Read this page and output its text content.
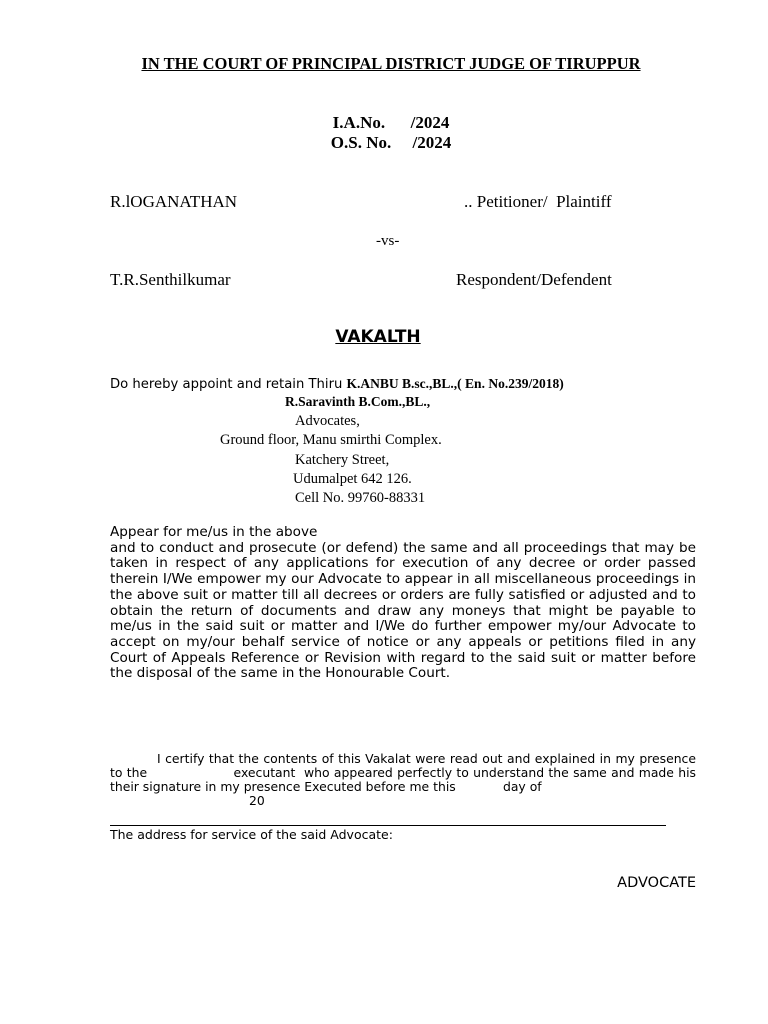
IN THE COURT OF PRINCIPAL DISTRICT JUDGE OF TIRUPPUR
I.A.No.      /2024
O.S. No.     /2024
R.lOGANATHAN	.. Petitioner/  Plaintiff
-vs-
T.R.Senthilkumar	Respondent/Defendent
VAKALTH
Do hereby appoint and retain Thiru K.ANBU B.sc.,BL.,( En. No.239/2018)
R.Saravinth B.Com.,BL.,
Advocates,
Ground floor, Manu smirthi Complex.
Katchery Street,
Udumalpet 642 126.
Cell No. 99760-88331

Appear for me/us in the above

and to conduct and prosecute (or defend) the same and all proceedings that may be taken in respect of any applications for execution of any decree or order passed therein I/We empower my our Advocate to appear in all miscellaneous proceedings in the above suit or matter till all decrees or orders are fully satisfied or adjusted and to obtain the return of documents and draw any moneys that might be payable to me/us in the said suit or matter and I/We do further empower my/our Advocate to accept on my/our behalf service of notice or any appeals or petitions filed in any Court of Appeals Reference or Revision with regard to the said suit or matter before the disposal of the same in the Honourable Court.

I certify that the contents of this Vakalat were read out and explained in my presence to the                    executant  who appeared perfectly to understand the same and made his their signature in my presence Executed before me this            day of

20

The address for service of the said Advocate:
ADVOCATE
